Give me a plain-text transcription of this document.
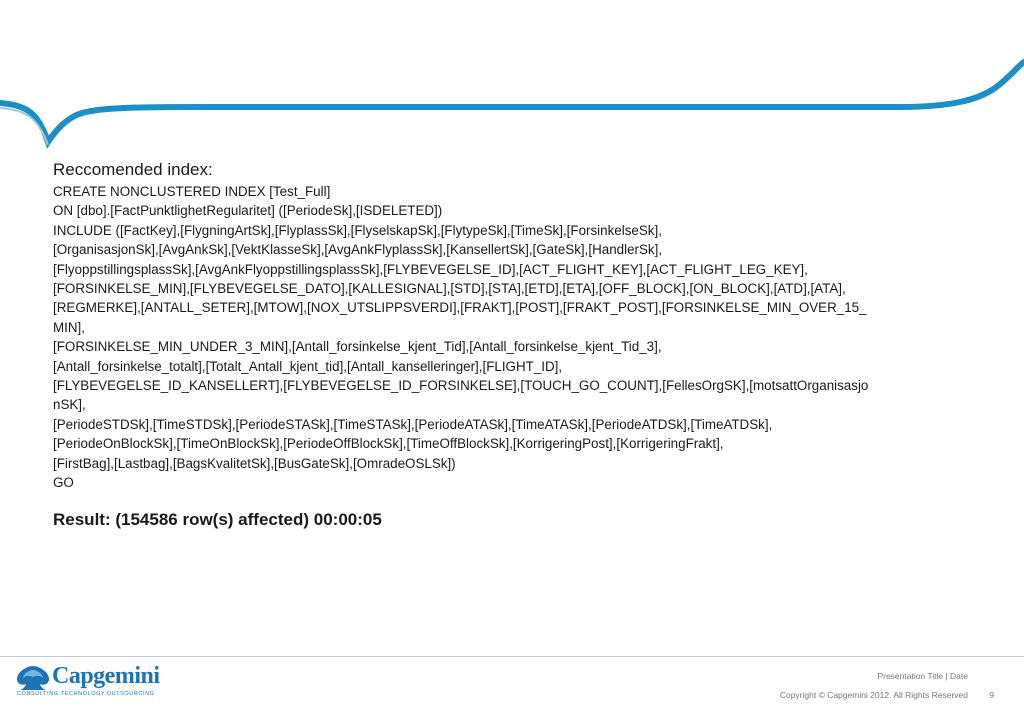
Reccomended index:
CREATE NONCLUSTERED INDEX [Test_Full]
ON [dbo].[FactPunktlighetRegularitet] ([PeriodeSk],[ISDELETED])
INCLUDE ([FactKey],[FlygningArtSk],[FlyplassSk],[FlyselskapSk],[FlytypeSk],[TimeSk],[ForsinkelseSk],
[OrganisasjonSk],[AvgAnkSk],[VektKlasseSk],[AvgAnkFlyplassSk],[KansellertSk],[GateSk],[HandlerSk],
[FlyoppstillingsplassSk],[AvgAnkFlyoppstillingsplassSk],[FLYBEVEGELSE_ID],[ACT_FLIGHT_KEY],[ACT_FLIGHT_LEG_KEY],
[FORSINKELSE_MIN],[FLYBEVEGELSE_DATO],[KALLESIGNAL],[STD],[STA],[ETD],[ETA],[OFF_BLOCK],[ON_BLOCK],[ATD],[ATA],
[REGMERKE],[ANTALL_SETER],[MTOW],[NOX_UTSLIPPSVERDI],[FRAKT],[POST],[FRAKT_POST],[FORSINKELSE_MIN_OVER_15_
MIN],
[FORSINKELSE_MIN_UNDER_3_MIN],[Antall_forsinkelse_kjent_Tid],[Antall_forsinkelse_kjent_Tid_3],
[Antall_forsinkelse_totalt],[Totalt_Antall_kjent_tid],[Antall_kanselleringer],[FLIGHT_ID],
[FLYBEVEGELSE_ID_KANSELLERT],[FLYBEVEGELSE_ID_FORSINKELSE],[TOUCH_GO_COUNT],[FellesOrgSK],[motsattOrganisasjo
nSK],
[PeriodeSTDSk],[TimeSTDSk],[PeriodeSTASk],[TimeSTASk],[PeriodeATASk],[TimeATASk],[PeriodeATDSk],[TimeATDSk],
[PeriodeOnBlockSk],[TimeOnBlockSk],[PeriodeOffBlockSk],[TimeOffBlockSk],[KorrigeringPost],[KorrigeringFrakt],
[FirstBag],[Lastbag],[BagsKvalitetSk],[BusGateSk],[OmradeOSLSk])
GO
Result: (154586 row(s) affected) 00:00:05
Capgemini
CONSULTING.TECHNOLOGY.OUTSOURCING
Presentation Title | Date
Copyright © Capgemini 2012. All Rights Reserved	9
